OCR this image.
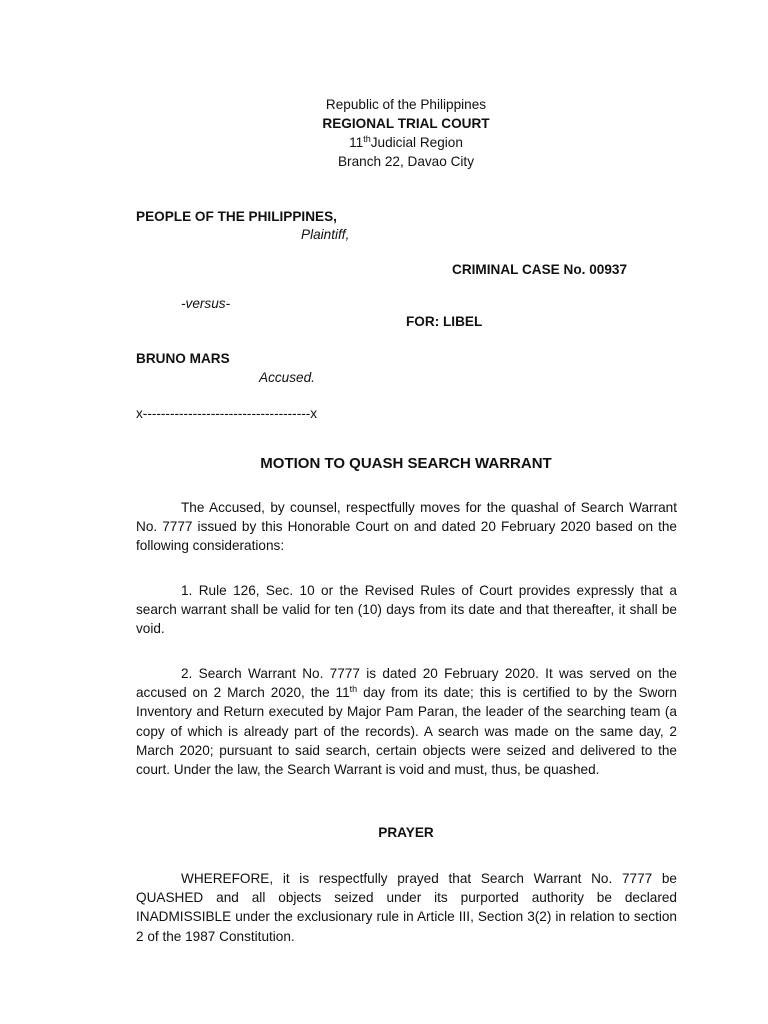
Republic of the Philippines
REGIONAL TRIAL COURT
11thJudicial Region
Branch 22, Davao City
PEOPLE OF THE PHILIPPINES,
Plaintiff,
CRIMINAL CASE No. 00937
-versus-
FOR: LIBEL
BRUNO MARS
Accused.
x-------------------------------------x
MOTION TO QUASH SEARCH WARRANT
The Accused, by counsel, respectfully moves for the quashal of Search Warrant No. 7777 issued by this Honorable Court on and dated 20 February 2020 based on the following considerations:
1. Rule 126, Sec. 10 or the Revised Rules of Court provides expressly that a search warrant shall be valid for ten (10) days from its date and that thereafter, it shall be void.
2. Search Warrant No. 7777 is dated 20 February 2020. It was served on the accused on 2 March 2020, the 11th day from its date; this is certified to by the Sworn Inventory and Return executed by Major Pam Paran, the leader of the searching team (a copy of which is already part of the records). A search was made on the same day, 2 March 2020; pursuant to said search, certain objects were seized and delivered to the court. Under the law, the Search Warrant is void and must, thus, be quashed.
PRAYER
WHEREFORE, it is respectfully prayed that Search Warrant No. 7777 be QUASHED and all objects seized under its purported authority be declared INADMISSIBLE under the exclusionary rule in Article III, Section 3(2) in relation to section 2 of the 1987 Constitution.
